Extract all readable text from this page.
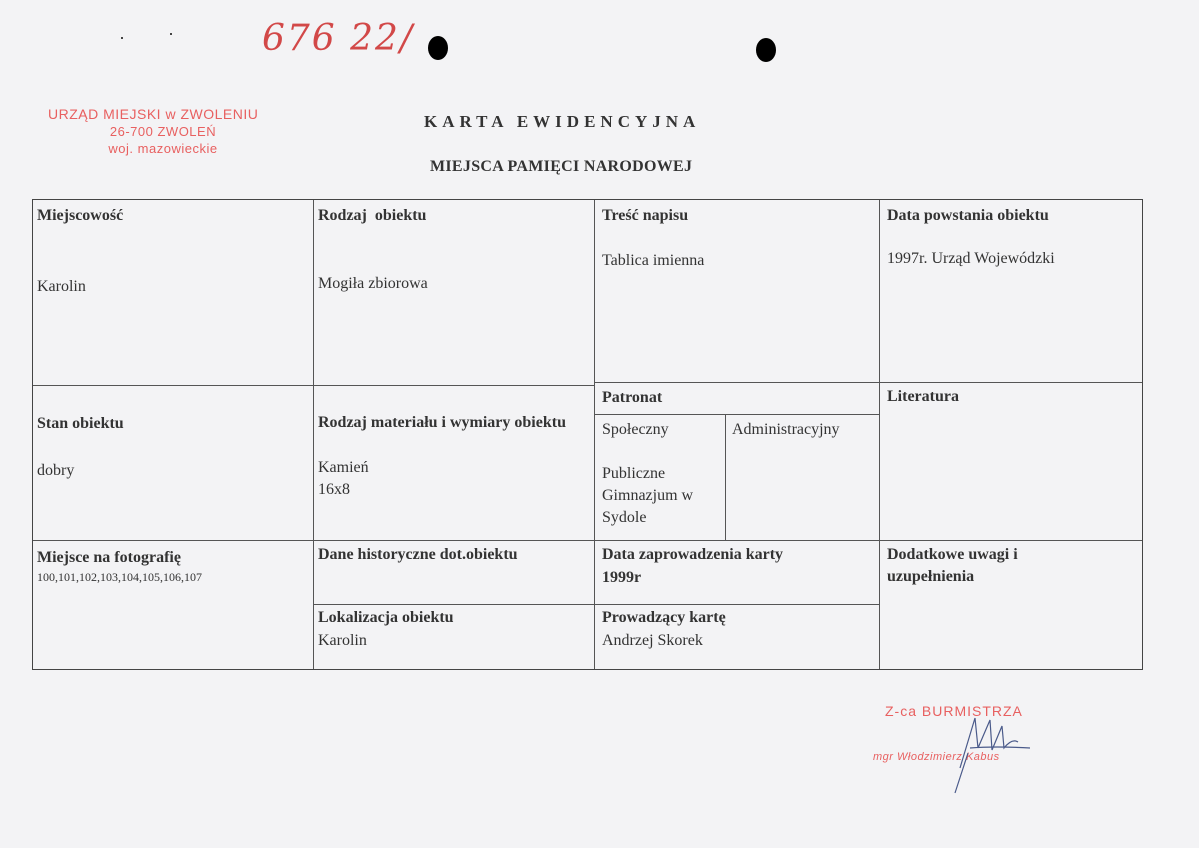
676 22/
URZĄD MIEJSKI w ZWOLENIU
26-700 ZWOLEŃ
woj. mazowieckie
KARTA EWIDENCYJNA
MIEJSCA PAMIĘCI NARODOWEJ
Miejscowość
Karolin
Rodzaj  obiektu
Mogiła zbiorowa
Treść napisu
Tablica imienna
Data powstania obiektu
1997r. Urząd Wojewódzki
Stan obiektu
dobry
Rodzaj materiału i wymiary obiektu
Kamień
16x8
Patronat
Społeczny
Publiczne Gimnazjum w Sydole
Administracyjny
Literatura
Miejsce na fotografię
100,101,102,103,104,105,106,107
Dane historyczne dot.obiektu	Data zaprowadzenia karty
1999r
Dodatkowe uwagi i uzupełnienia
Lokalizacja obiektu
Karolin
Prowadzący kartę
Andrzej Skorek
Z-ca BURMISTRZA
mgr Włodzimierz Kabus
